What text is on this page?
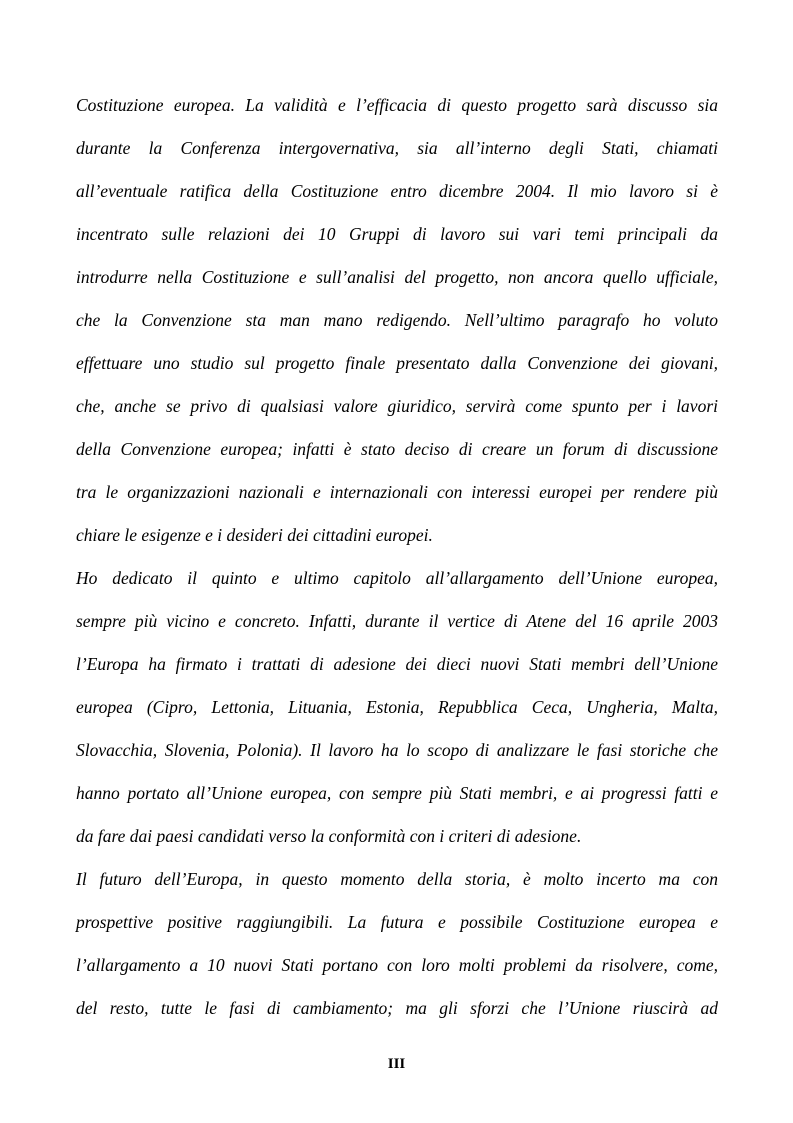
Costituzione europea. La validità e l’efficacia di questo progetto sarà discusso sia
durante la Conferenza intergovernativa, sia all’interno degli Stati, chiamati
all’eventuale ratifica della Costituzione entro dicembre 2004. Il mio lavoro si è
incentrato sulle relazioni dei 10 Gruppi di lavoro sui vari temi principali da
introdurre nella Costituzione e sull’analisi del progetto, non ancora quello ufficiale,
che la Convenzione sta man mano redigendo. Nell’ultimo paragrafo ho voluto
effettuare uno studio sul progetto finale presentato dalla Convenzione dei giovani,
che, anche se privo di qualsiasi valore giuridico, servirà come spunto per i lavori
della Convenzione europea; infatti è stato deciso di creare un forum di discussione
tra le organizzazioni nazionali e internazionali con interessi europei per rendere più
chiare le esigenze e i desideri dei cittadini europei.
Ho dedicato il quinto e ultimo capitolo all’allargamento dell’Unione europea,
sempre più vicino e concreto. Infatti, durante il vertice di Atene del 16 aprile 2003
l’Europa ha firmato i trattati di adesione dei dieci nuovi Stati membri dell’Unione
europea (Cipro, Lettonia, Lituania, Estonia, Repubblica Ceca, Ungheria, Malta,
Slovacchia, Slovenia, Polonia). Il lavoro ha lo scopo di analizzare le fasi storiche che
hanno portato all’Unione europea, con sempre più Stati membri, e ai progressi fatti e
da fare dai paesi candidati verso la conformità con i criteri di adesione.
Il futuro dell’Europa, in questo momento della storia, è molto incerto ma con
prospettive positive raggiungibili. La futura e possibile Costituzione europea e
l’allargamento a 10 nuovi Stati portano con loro molti problemi da risolvere, come,
del resto, tutte le fasi di cambiamento; ma gli sforzi che l’Unione riuscirà ad
III
